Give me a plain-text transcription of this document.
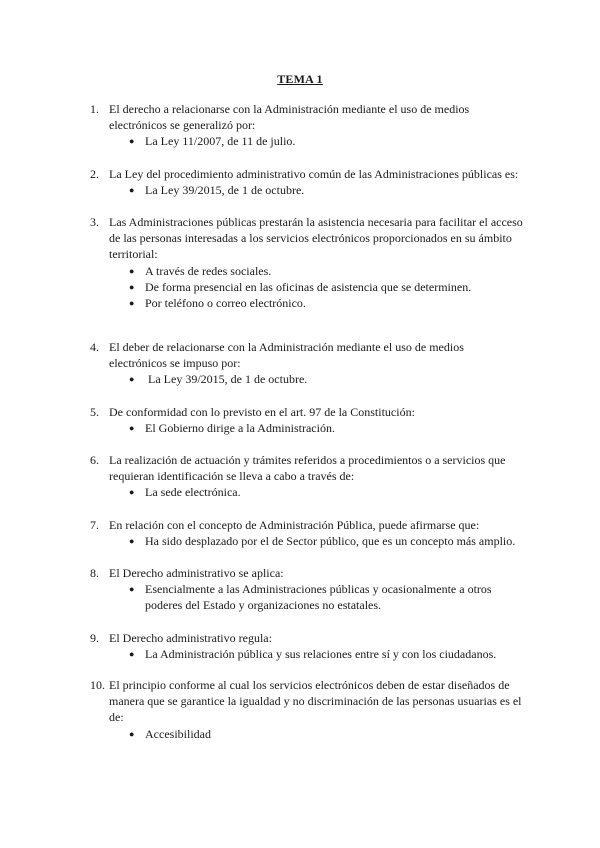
TEMA 1
1. El derecho a relacionarse con la Administración mediante el uso de medios
electrónicos se generalizó por:
● La Ley 11/2007, de 11 de julio.
2. La Ley del procedimiento administrativo común de las Administraciones públicas es:
● La Ley 39/2015, de 1 de octubre.
3. Las Administraciones públicas prestarán la asistencia necesaria para facilitar el acceso
de las personas interesadas a los servicios electrónicos proporcionados en su ámbito
territorial:
● A través de redes sociales.
● De forma presencial en las oficinas de asistencia que se determinen.
● Por teléfono o correo electrónico.
4. El deber de relacionarse con la Administración mediante el uso de medios
electrónicos se impuso por:
● La Ley 39/2015, de 1 de octubre.
5. De conformidad con lo previsto en el art. 97 de la Constitución:
● El Gobierno dirige a la Administración.
6. La realización de actuación y trámites referidos a procedimientos o a servicios que
requieran identificación se lleva a cabo a través de:
● La sede electrónica.
7. En relación con el concepto de Administración Pública, puede afirmarse que:
● Ha sido desplazado por el de Sector público, que es un concepto más amplio.
8. El Derecho administrativo se aplica:
● Esencialmente a las Administraciones públicas y ocasionalmente a otros
poderes del Estado y organizaciones no estatales.
9. El Derecho administrativo regula:
● La Administración pública y sus relaciones entre sí y con los ciudadanos.
10. El principio conforme al cual los servicios electrónicos deben de estar diseñados de
manera que se garantice la igualdad y no discriminación de las personas usuarias es el
de:
● Accesibilidad
